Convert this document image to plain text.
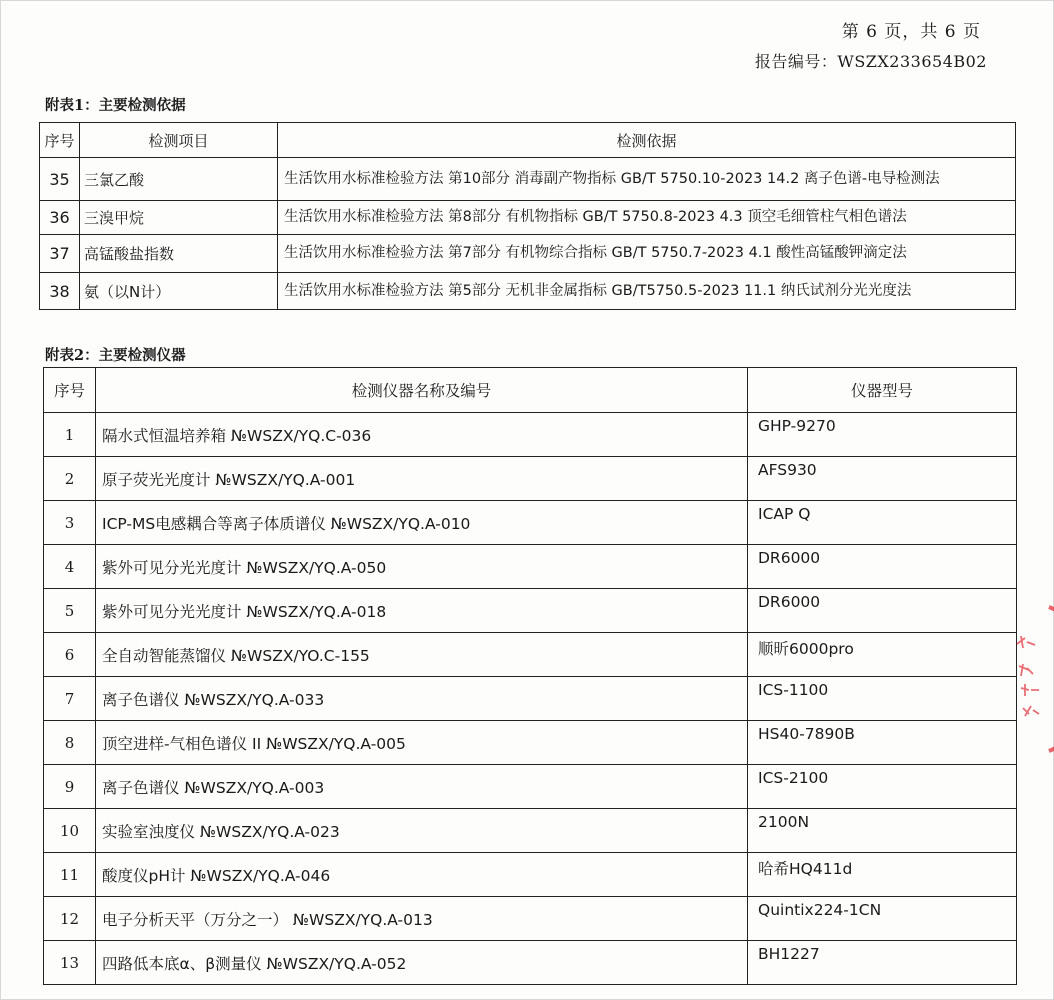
第 6 页，共 6 页
报告编号：WSZX233654B02
附表1：主要检测依据
序号	检测项目	检测依据
35	三氯乙酸	生活饮用水标准检验方法 第10部分 消毒副产物指标 GB/T 5750.10-2023 14.2 离子色谱-电导检测法
36	三溴甲烷	生活饮用水标准检验方法 第8部分 有机物指标 GB/T 5750.8-2023 4.3 顶空毛细管柱气相色谱法
37	高锰酸盐指数	生活饮用水标准检验方法 第7部分 有机物综合指标 GB/T 5750.7-2023 4.1 酸性高锰酸钾滴定法
38	氨（以N计）	生活饮用水标准检验方法 第5部分 无机非金属指标 GB/T5750.5-2023 11.1 纳氏试剂分光光度法
附表2：主要检测仪器
序号	检测仪器名称及编号	仪器型号
1	隔水式恒温培养箱 №WSZX/YQ.C-036	GHP-9270
2	原子荧光光度计 №WSZX/YQ.A-001	AFS930
3	ICP-MS电感耦合等离子体质谱仪 №WSZX/YQ.A-010	ICAP Q
4	紫外可见分光光度计 №WSZX/YQ.A-050	DR6000
5	紫外可见分光光度计 №WSZX/YQ.A-018	DR6000
6	全自动智能蒸馏仪 №WSZX/YO.C-155	顺昕6000pro
7	离子色谱仪 №WSZX/YQ.A-033	ICS-1100
8	顶空进样-气相色谱仪 II №WSZX/YQ.A-005	HS40-7890B
9	离子色谱仪 №WSZX/YQ.A-003	ICS-2100
10	实验室浊度仪 №WSZX/YQ.A-023	2100N
11	酸度仪pH计 №WSZX/YQ.A-046	哈希HQ411d
12	电子分析天平（万分之一） №WSZX/YQ.A-013	Quintix224-1CN
13	四路低本底α、β测量仪 №WSZX/YQ.A-052	BH1227
